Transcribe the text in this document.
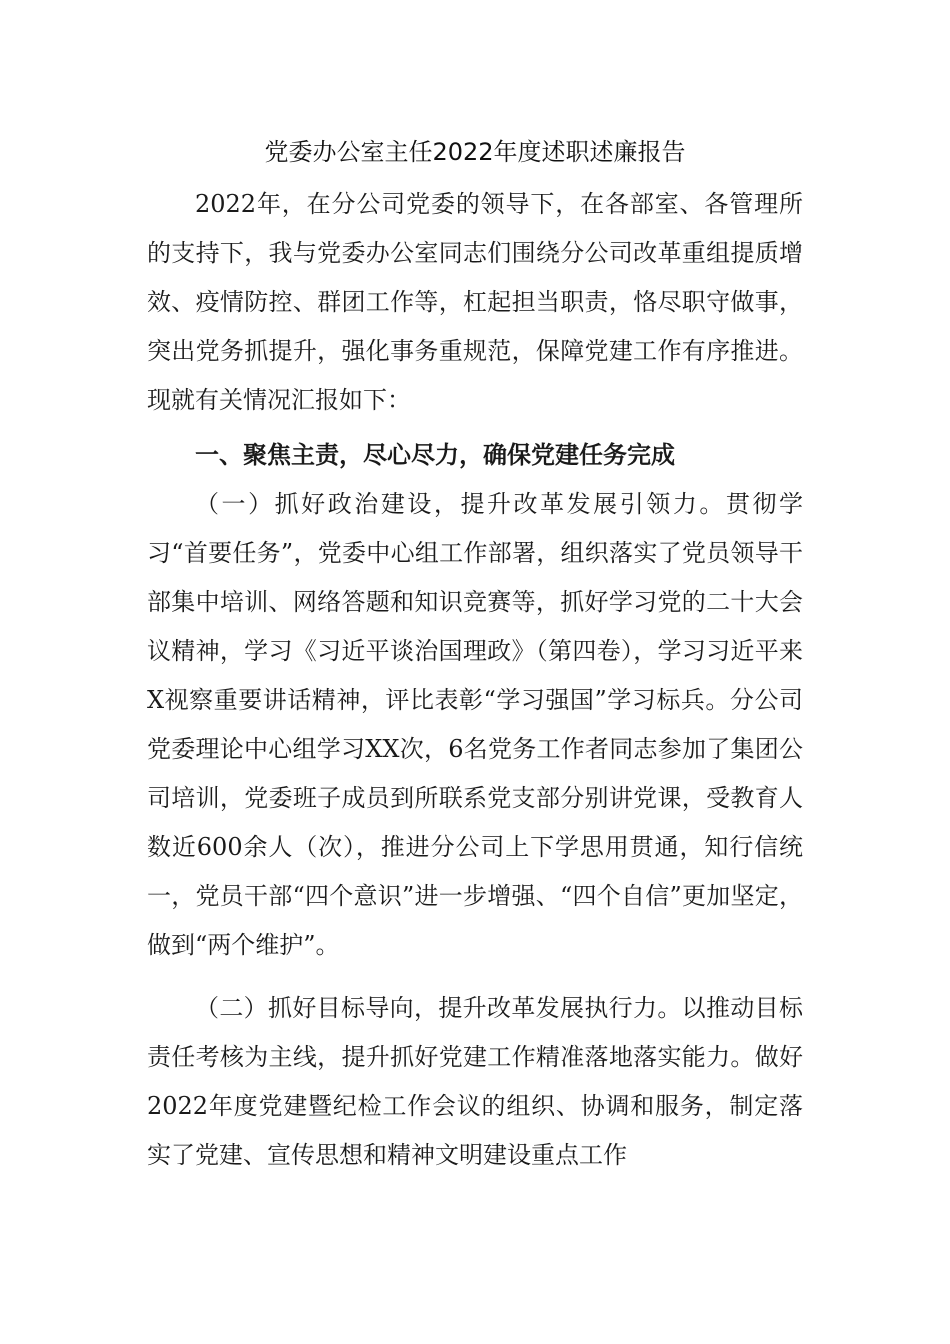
党委办公室主任2022年度述职述廉报告

2022年，在分公司党委的领导下，在各部室、各管理所的支持下，我与党委办公室同志们围绕分公司改革重组提质增效、疫情防控、群团工作等，杠起担当职责，恪尽职守做事，突出党务抓提升，强化事务重规范，保障党建工作有序推进。现就有关情况汇报如下：

一、聚焦主责，尽心尽力，确保党建任务完成

（一）抓好政治建设，提升改革发展引领力。贯彻学习“首要任务”，党委中心组工作部署，组织落实了党员领导干部集中培训、网络答题和知识竞赛等，抓好学习党的二十大会议精神，学习《习近平谈治国理政》（第四卷），学习习近平来X视察重要讲话精神，评比表彰“学习强国”学习标兵。分公司党委理论中心组学习XX次，6名党务工作者同志参加了集团公司培训，党委班子成员到所联系党支部分别讲党课，受教育人数近600余人（次），推进分公司上下学思用贯通，知行信统一，党员干部“四个意识”进一步增强、“四个自信”更加坚定，做到“两个维护”。

（二）抓好目标导向，提升改革发展执行力。以推动目标责任考核为主线，提升抓好党建工作精准落地落实能力。做好2022年度党建暨纪检工作会议的组织、协调和服务，制定落实了党建、宣传思想和精神文明建设重点工作
